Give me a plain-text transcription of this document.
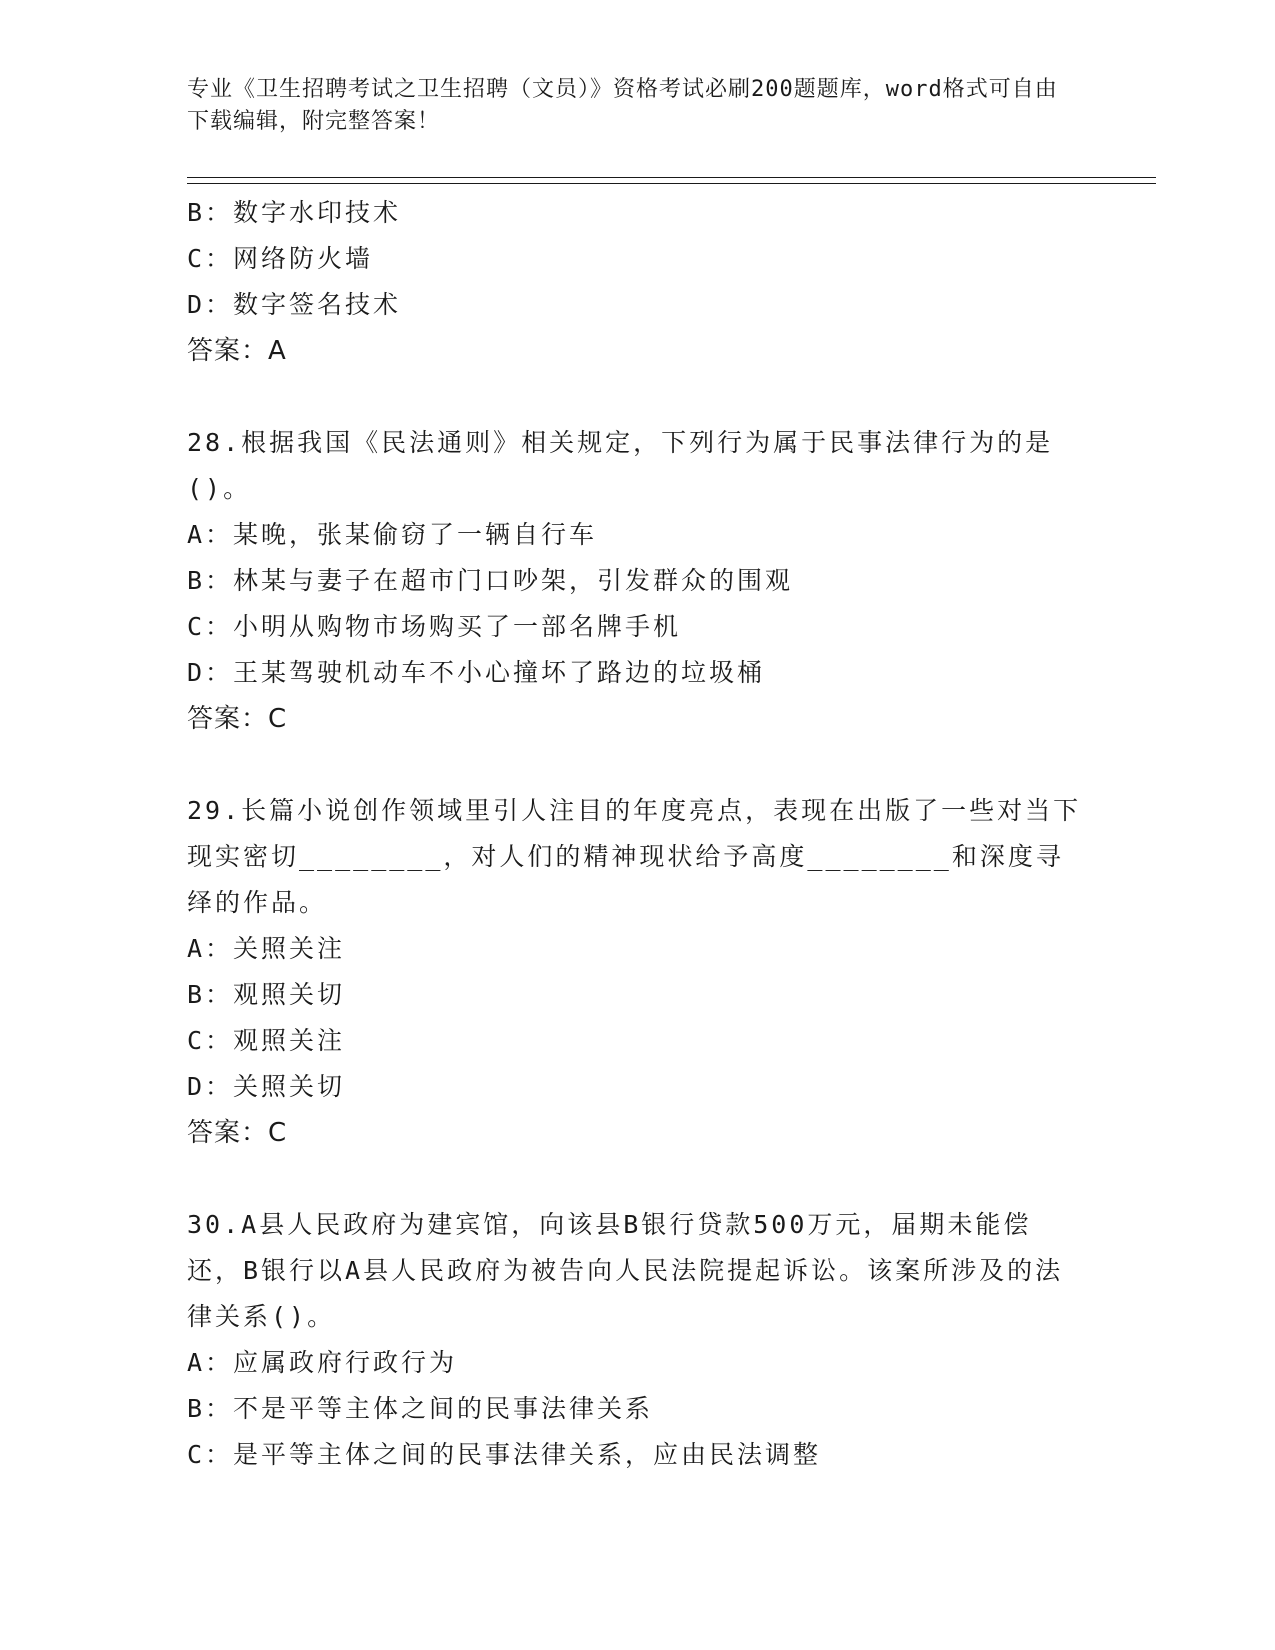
专业《卫生招聘考试之卫生招聘（文员）》资格考试必刷200题题库，word格式可自由下载编辑，附完整答案！
B：数字水印技术
C：网络防火墙
D：数字签名技术
答案：A
28.根据我国《民法通则》相关规定，下列行为属于民事法律行为的是()。
A：某晚，张某偷窃了一辆自行车
B：林某与妻子在超市门口吵架，引发群众的围观
C：小明从购物市场购买了一部名牌手机
D：王某驾驶机动车不小心撞坏了路边的垃圾桶
答案：C
29.长篇小说创作领域里引人注目的年度亮点，表现在出版了一些对当下现实密切________，对人们的精神现状给予高度________和深度寻绎的作品。
A：关照关注
B：观照关切
C：观照关注
D：关照关切
答案：C
30.A县人民政府为建宾馆，向该县B银行贷款500万元，届期未能偿还，B银行以A县人民政府为被告向人民法院提起诉讼。该案所涉及的法律关系()。
A：应属政府行政行为
B：不是平等主体之间的民事法律关系
C：是平等主体之间的民事法律关系，应由民法调整
